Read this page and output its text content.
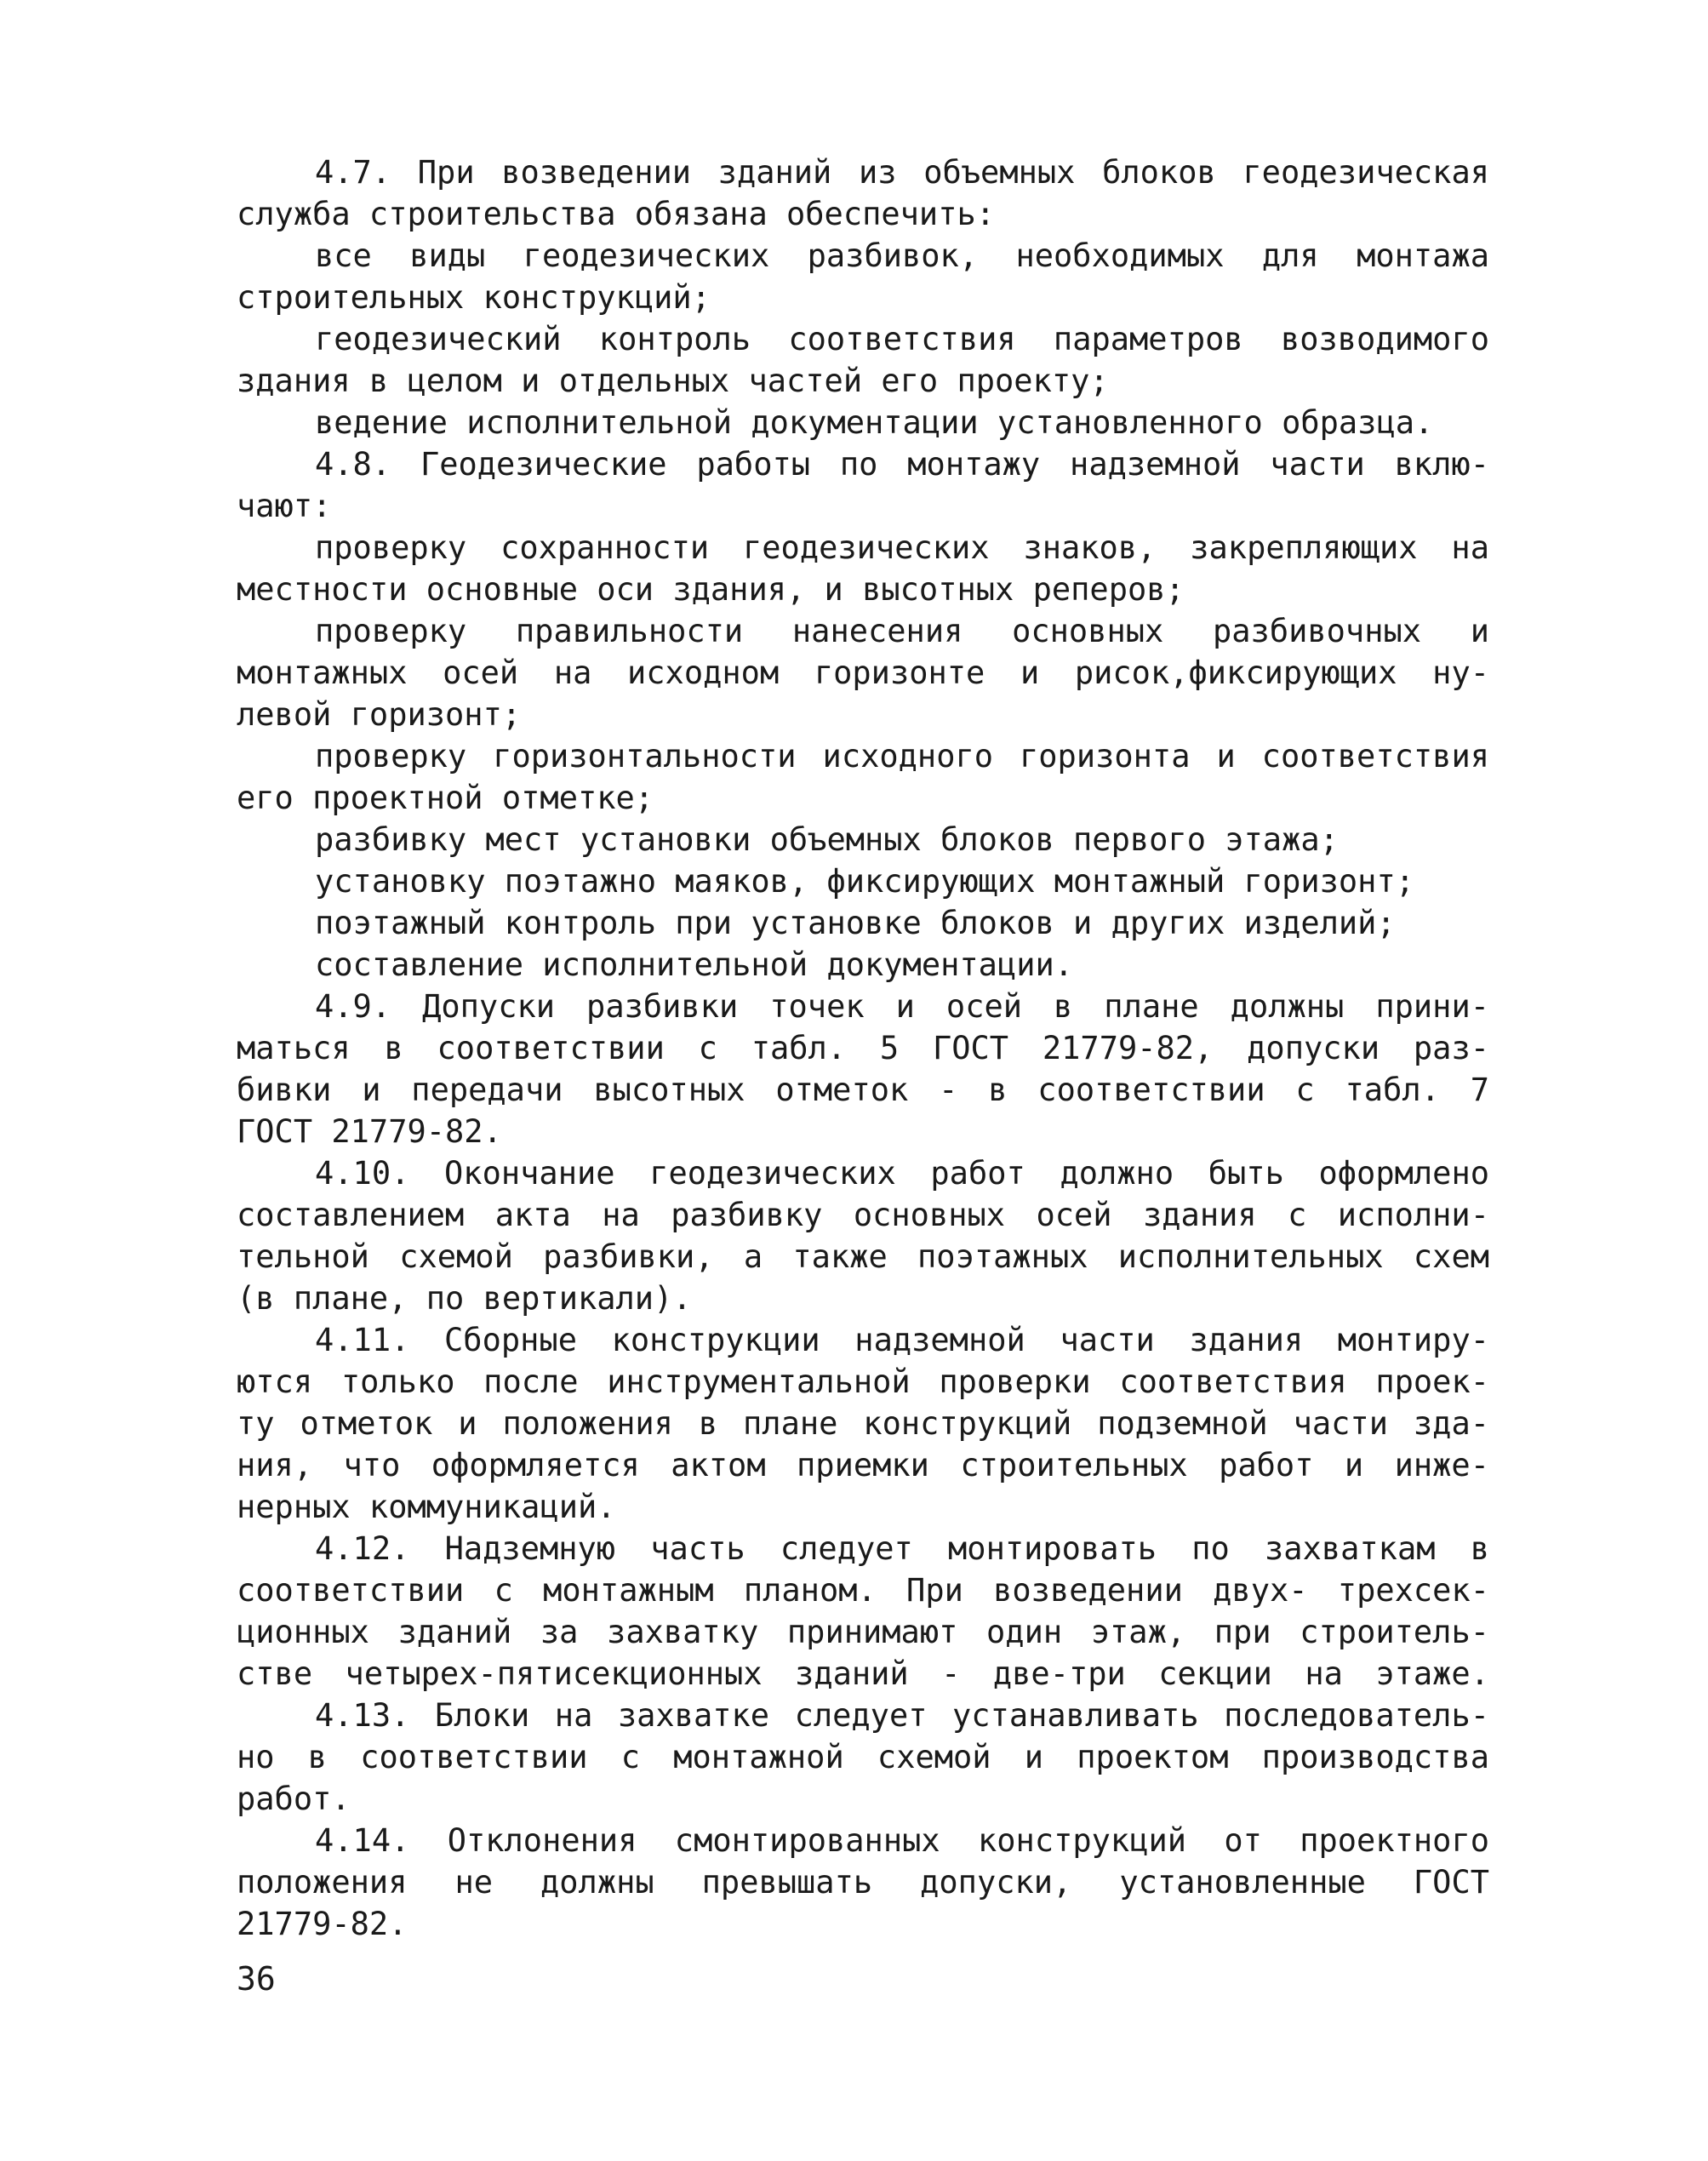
4.7. При возведении зданий из объемных блоков геодезическая
служба строительства обязана обеспечить:
все виды геодезических разбивок, необходимых для монтажа
строительных конструкций;
геодезический контроль соответствия параметров возводимого
здания в целом и отдельных частей его проекту;
ведение исполнительной документации установленного образца.
4.8. Геодезические работы по монтажу надземной части вклю-
чают:
проверку сохранности геодезических знаков, закрепляющих на
местности основные оси здания, и высотных реперов;
проверку правильности нанесения основных разбивочных и
монтажных осей на исходном горизонте и рисок,фиксирующих ну-
левой горизонт;
проверку горизонтальности исходного горизонта и соответствия
его проектной отметке;
разбивку мест установки объемных блоков первого этажа;
установку поэтажно маяков, фиксирующих монтажный горизонт;
поэтажный контроль при установке блоков и других изделий;
составление исполнительной документации.
4.9. Допуски разбивки точек и осей в плане должны прини-
маться в соответствии с табл. 5 ГОСТ 21779-82, допуски раз-
бивки и передачи высотных отметок - в соответствии с табл. 7
ГОСТ 21779-82.
4.10. Окончание геодезических работ должно быть оформлено
составлением акта на разбивку основных осей здания с исполни-
тельной схемой разбивки, а также поэтажных исполнительных схем
(в плане, по вертикали).
4.11. Сборные конструкции надземной части здания монтиру-
ются только после инструментальной проверки соответствия проек-
ту отметок и положения в плане конструкций подземной части зда-
ния, что оформляется актом приемки строительных работ и инже-
нерных коммуникаций.
4.12. Надземную часть следует монтировать по захваткам в
соответствии с монтажным планом. При возведении двух- трехсек-
ционных зданий за захватку принимают один этаж, при строитель-
стве четырех-пятисекционных зданий - две-три секции на этаже.
4.13. Блоки на захватке следует устанавливать последователь-
но в соответствии с монтажной схемой и проектом производства
работ.
4.14. Отклонения смонтированных конструкций от проектного
положения не должны превышать допуски, установленные ГОСТ
21779-82.
36
